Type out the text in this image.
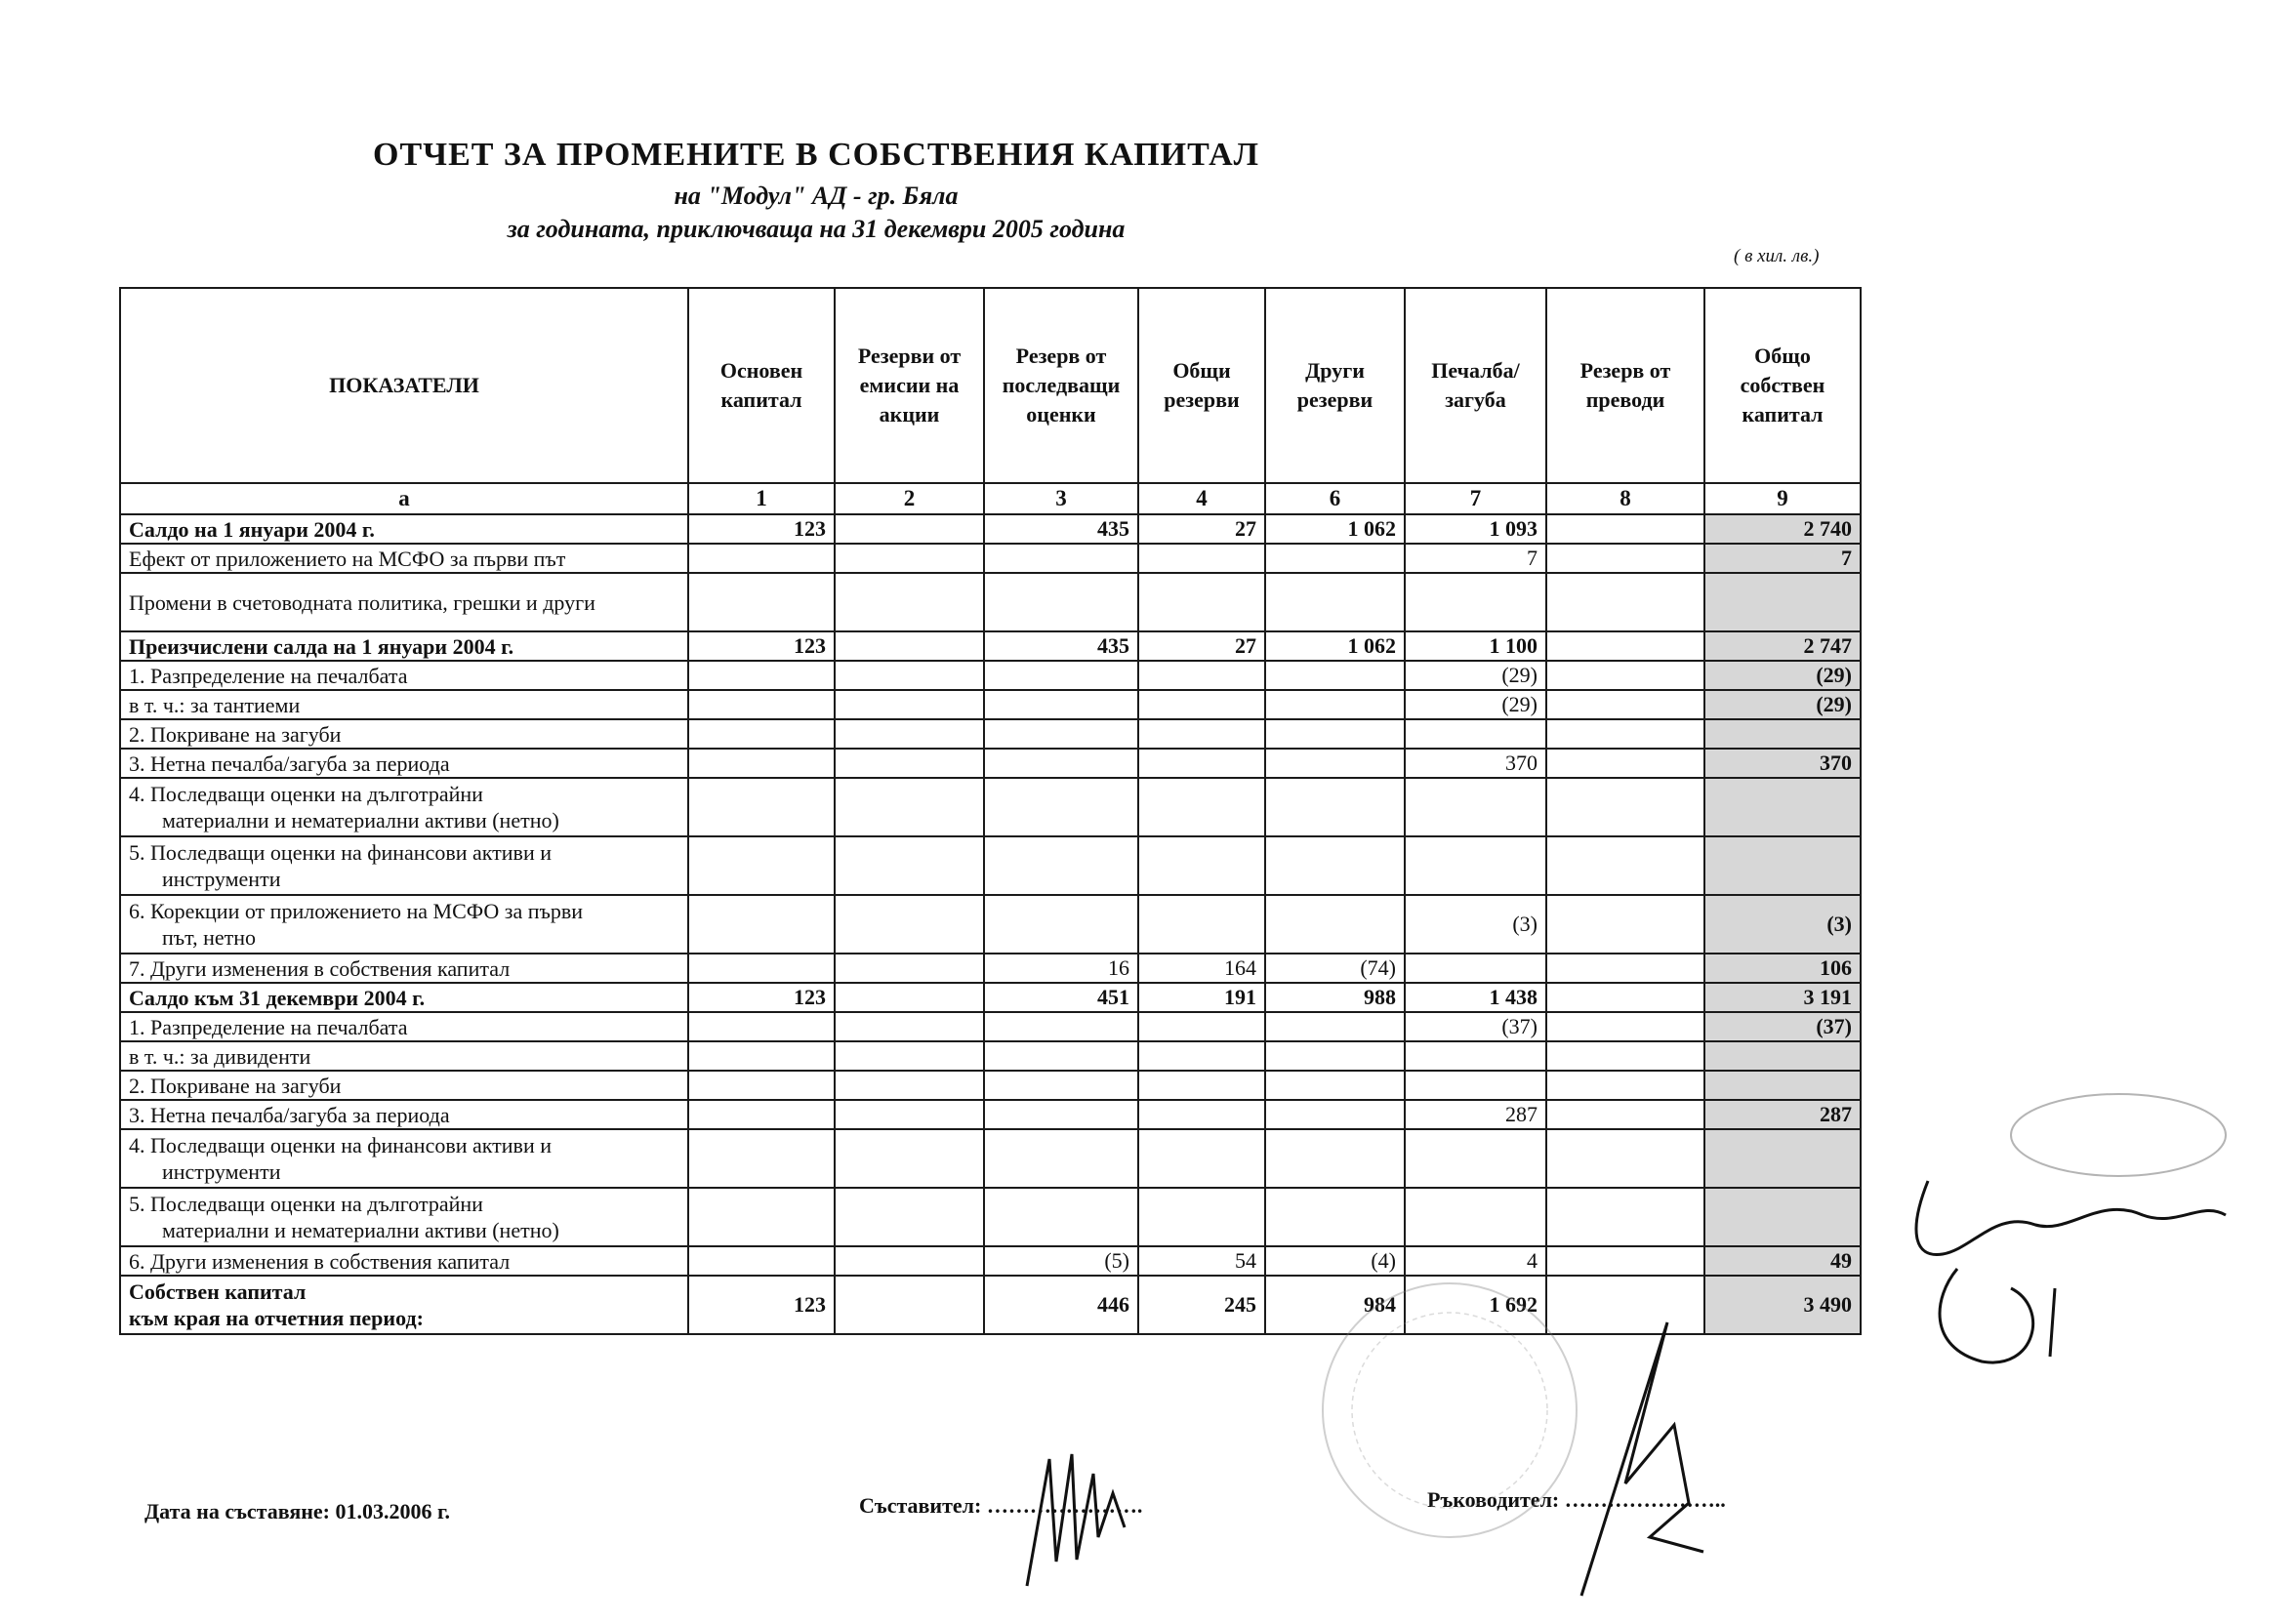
ОТЧЕТ ЗА ПРОМЕНИТЕ В СОБСТВЕНИЯ КАПИТАЛ
на "Модул" АД - гр. Бяла
за годината, приключваща на 31 декември 2005 година
( в хил. лв.)
ПОКАЗАТЕЛИ	Основен капитал	Резерви от емисии на акции	Резерв от последващи оценки	Общи резерви	Други резерви	Печалба/ загуба	Резерв от преводи	Общо собствен капитал
а	1	2	3	4	6	7	8	9
Салдо на 1 януари 2004 г.	123		435	27	1 062	1 093		2 740
Ефект от приложението на МСФО за първи път						7		7
Промени в счетоводната политика, грешки и други								
Преизчислени салда на 1 януари 2004 г.	123		435	27	1 062	1 100		2 747
1. Разпределение на печалбата						(29)		(29)
в т. ч.: за тантиеми						(29)		(29)
2. Покриване на загуби								
3. Нетна печалба/загуба за периода						370		370
4. Последващи оценки на дълготрайни
материални и нематериални активи (нетно)								
5. Последващи оценки на финансови активи и
инструменти								
6. Корекции от приложението на МСФО за първи
път, нетно						(3)		(3)
7. Други изменения в собствения капитал			16	164	(74)			106
Салдо към 31 декември 2004 г.	123		451	191	988	1 438		3 191
1. Разпределение на печалбата						(37)		(37)
в т. ч.: за дивиденти								
2. Покриване на загуби								
3. Нетна печалба/загуба за периода						287		287
4. Последващи оценки на финансови активи и
инструменти								
5. Последващи оценки на дълготрайни
материални и нематериални активи (нетно)								
6. Други изменения в собствения капитал			(5)	54	(4)	4		49
Собствен капитал
към края на отчетния период:	123		446	245	984	1 692		3 490
Дата на съставяне: 01.03.2006 г.	Съставител: ………………….	Ръководител: …………………..
